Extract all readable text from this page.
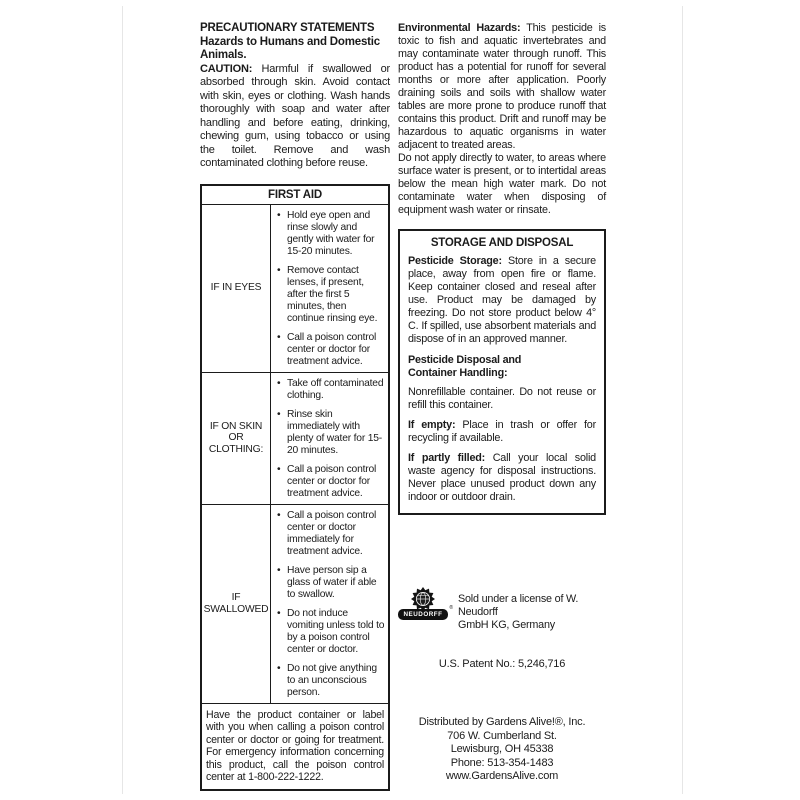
PRECAUTIONARY STATEMENTS
Hazards to Humans and Domestic Animals.

CAUTION: Harmful if swallowed or absorbed through skin. Avoid contact with skin, eyes or clothing. Wash hands thoroughly with soap and water after handling and before eating, drinking, chewing gum, using tobacco or using the toilet. Remove and wash contaminated clothing before reuse.

FIRST AID
IF IN EYES
• Hold eye open and rinse slowly and gently with water for 15-20 minutes.
• Remove contact lenses, if present, after the first 5 minutes, then continue rinsing eye.
• Call a poison control center or doctor for treatment advice.
IF ON SKIN OR CLOTHING:
• Take off contaminated clothing.
• Rinse skin immediately with plenty of water for 15-20 minutes.
• Call a poison control center or doctor for treatment advice.
IF SWALLOWED
• Call a poison control center or doctor immediately for treatment advice.
• Have person sip a glass of water if able to swallow.
• Do not induce vomiting unless told to by a poison control center or doctor.
• Do not give anything to an unconscious person.
Have the product container or label with you when calling a poison control center or doctor or going for treatment. For emergency information concerning this product, call the poison control center at 1-800-222-1222.

Environmental Hazards: This pesticide is toxic to fish and aquatic invertebrates and may contaminate water through runoff. This product has a potential for runoff for several months or more after application. Poorly draining soils and soils with shallow water tables are more prone to produce runoff that contains this product. Drift and runoff may be hazardous to aquatic organisms in water adjacent to treated areas.

Do not apply directly to water, to areas where surface water is present, or to intertidal areas below the mean high water mark. Do not contaminate water when disposing of equipment wash water or rinsate.

STORAGE AND DISPOSAL

Pesticide Storage: Store in a secure place, away from open fire or flame. Keep container closed and reseal after use. Product may be damaged by freezing. Do not store product below 4° C. If spilled, use absorbent materials and dispose of in an approved manner.

Pesticide Disposal and
Container Handling:

Nonrefillable container. Do not reuse or refill this container.

If empty: Place in trash or offer for recycling if available.

If partly filled: Call your local solid waste agency for disposal instructions. Never place unused product down any indoor or outdoor drain.

NEUDORFF
®
Sold under a license of W. Neudorff
GmbH KG, Germany
U.S. Patent No.: 5,246,716
Distributed by Gardens Alive!®, Inc.
706 W. Cumberland St.
Lewisburg, OH 45338
Phone: 513-354-1483
www.GardensAlive.com
